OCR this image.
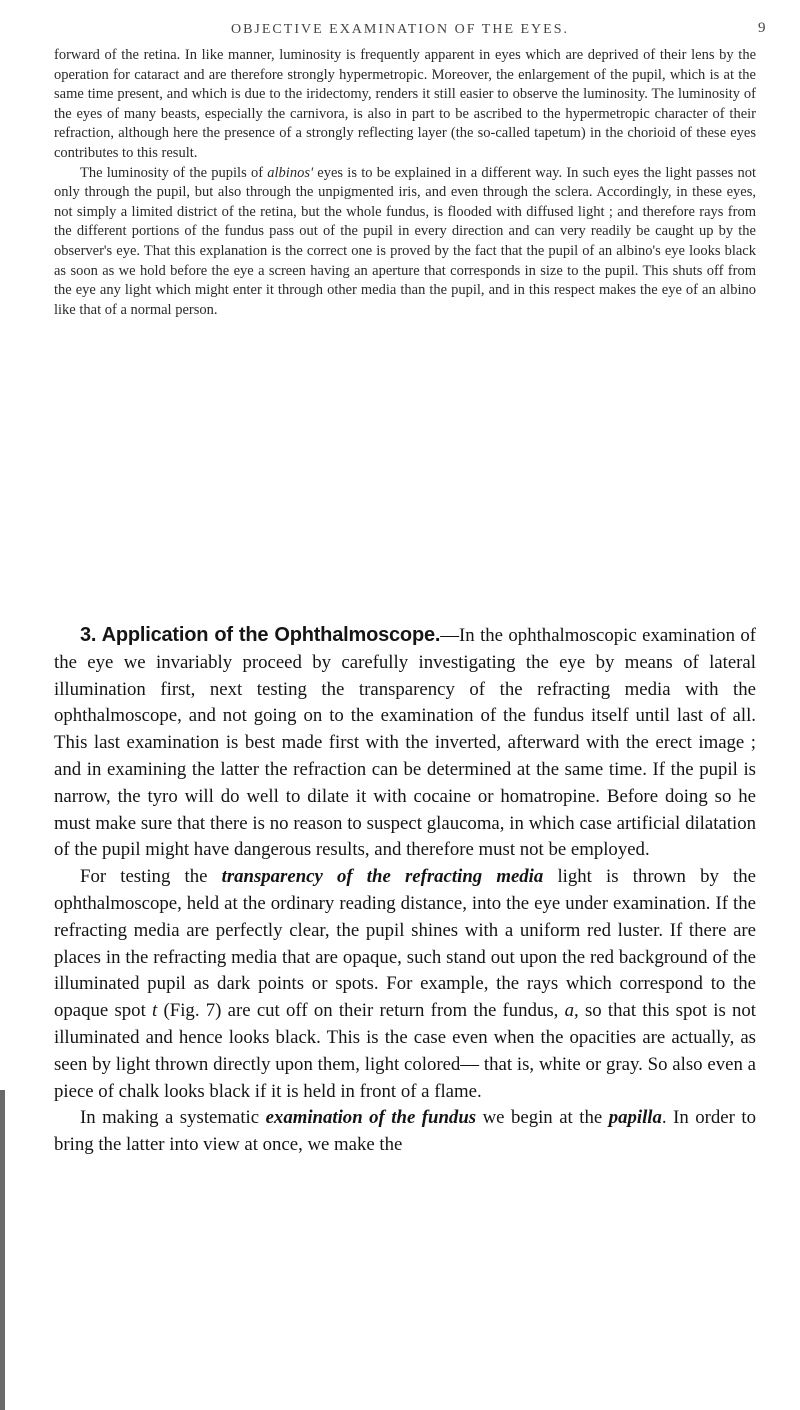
OBJECTIVE EXAMINATION OF THE EYES.	9

forward of the retina. In like manner, luminosity is frequently apparent in eyes which are deprived of their lens by the operation for cataract and are therefore strongly hypermetropic. Moreover, the enlargement of the pupil, which is at the same time present, and which is due to the iridectomy, renders it still easier to observe the luminosity. The luminosity of the eyes of many beasts, especially the carnivora, is also in part to be ascribed to the hypermetropic character of their refraction, although here the presence of a strongly reflecting layer (the so-called tapetum) in the chorioid of these eyes contributes to this result.

The luminosity of the pupils of albinos' eyes is to be explained in a different way. In such eyes the light passes not only through the pupil, but also through the unpigmented iris, and even through the sclera. Accordingly, in these eyes, not simply a limited district of the retina, but the whole fundus, is flooded with diffused light ; and therefore rays from the different portions of the fundus pass out of the pupil in every direction and can very readily be caught up by the observer's eye. That this explanation is the correct one is proved by the fact that the pupil of an albino's eye looks black as soon as we hold before the eye a screen having an aperture that corresponds in size to the pupil. This shuts off from the eye any light which might enter it through other media than the pupil, and in this respect makes the eye of an albino like that of a normal person.

3. Application of the Ophthalmoscope.—In the ophthalmoscopic examination of the eye we invariably proceed by carefully investigating the eye by means of lateral illumination first, next testing the transparency of the refracting media with the ophthalmoscope, and not going on to the examination of the fundus itself until last of all. This last examination is best made first with the inverted, afterward with the erect image ; and in examining the latter the refraction can be determined at the same time. If the pupil is narrow, the tyro will do well to dilate it with cocaine or homatropine. Before doing so he must make sure that there is no reason to suspect glaucoma, in which case artificial dilatation of the pupil might have dangerous results, and therefore must not be employed.

For testing the transparency of the refracting media light is thrown by the ophthalmoscope, held at the ordinary reading distance, into the eye under examination. If the refracting media are perfectly clear, the pupil shines with a uniform red luster. If there are places in the refracting media that are opaque, such stand out upon the red background of the illuminated pupil as dark points or spots. For example, the rays which correspond to the opaque spot t (Fig. 7) are cut off on their return from the fundus, a, so that this spot is not illuminated and hence looks black. This is the case even when the opacities are actually, as seen by light thrown directly upon them, light colored— that is, white or gray. So also even a piece of chalk looks black if it is held in front of a flame.

In making a systematic examination of the fundus we begin at the papilla. In order to bring the latter into view at once, we make the
